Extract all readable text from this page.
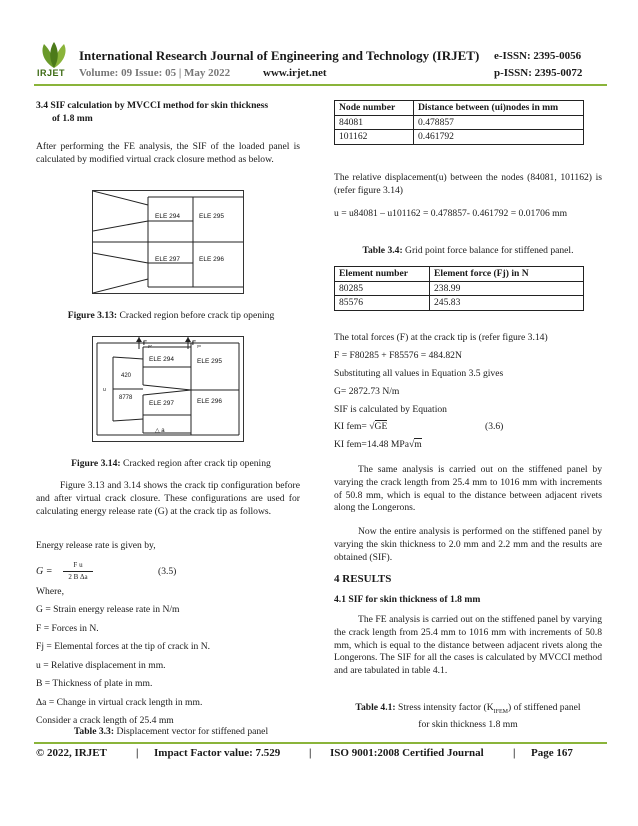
IRJET
International Research Journal of Engineering and Technology (IRJET) e-ISSN: 2395-0056
Volume: 09 Issue: 05 | May 2022	www.irjet.net	p-ISSN: 2395-0072
3.4 SIF calculation by MVCCI method for skin thickness
of 1.8 mm

After performing the FE analysis, the SIF of the loaded panel is calculated by modified virtual crack closure method as below.

ELE 294	ELE 295
ELE 297	ELE 296
Figure 3.13: Cracked region before crack tip opening
ELE 294	ELE 295
ELE 297	ELE 296
420
8778
F yz	F yx
u
△ a
Figure 3.14: Cracked region after crack tip opening

Figure 3.13 and 3.14 shows the crack tip configuration before and after virtual crack closure. These configurations are used for calculating energy release rate (G) at the crack tip as follows.

Energy release rate is given by,

G =
F u
2 B Δa	(3.5)

Where,

G = Strain energy release rate in N/m
F = Forces in N.
Fj = Elemental forces at the tip of crack in N.
u = Relative displacement in mm.
B = Thickness of plate in mm.
Δa = Change in virtual crack length in mm.
Consider a crack length of 25.4 mm
Table 3.3: Displacement vector for stiffened panel
Node number	Distance between (ui)nodes in mm
84081	0.478857
101162	0.461792

The relative displacement(u) between the nodes (84081, 101162) is (refer figure 3.14)

u = u84081 – u101162 = 0.478857- 0.461792 = 0.01706 mm

Table 3.4: Grid point force balance for stiffened panel.
Element number	Element force (Fj) in N
80285	238.99
85576	245.83

The total forces (F) at the crack tip is (refer figure 3.14)

F = F80285 + F85576 = 484.82N

Substituting all values in Equation 3.5 gives

G= 2872.73 N/m

SIF is calculated by Equation

KI fem= √GE	(3.6)
KI fem=14.48 MPa√m

The same analysis is carried out on the stiffened panel by varying the crack length from 25.4 mm to 1016 mm with increments of 50.8 mm, which is equal to the distance between adjacent rivets along the Longerons.

Now the entire analysis is performed on the stiffened panel by varying the skin thickness to 2.0 mm and 2.2 mm and the results are obtained (SIF).

4 RESULTS
4.1 SIF for skin thickness of 1.8 mm

The FE analysis is carried out on the stiffened panel by varying the crack length from 25.4 mm to 1016 mm with increments of 50.8 mm, which is equal to the distance between adjacent rivets along the Longerons. The SIF for all the cases is calculated by MVCCI method and are tabulated in table 4.1.

Table 4.1: Stress intensity factor $(K_{IFEM})$ of stiffened panel
for skin thickness 1.8 mm
© 2022, IRJET	| Impact Factor value: 7.529	| ISO 9001:2008 Certified Journal	| Page 167
